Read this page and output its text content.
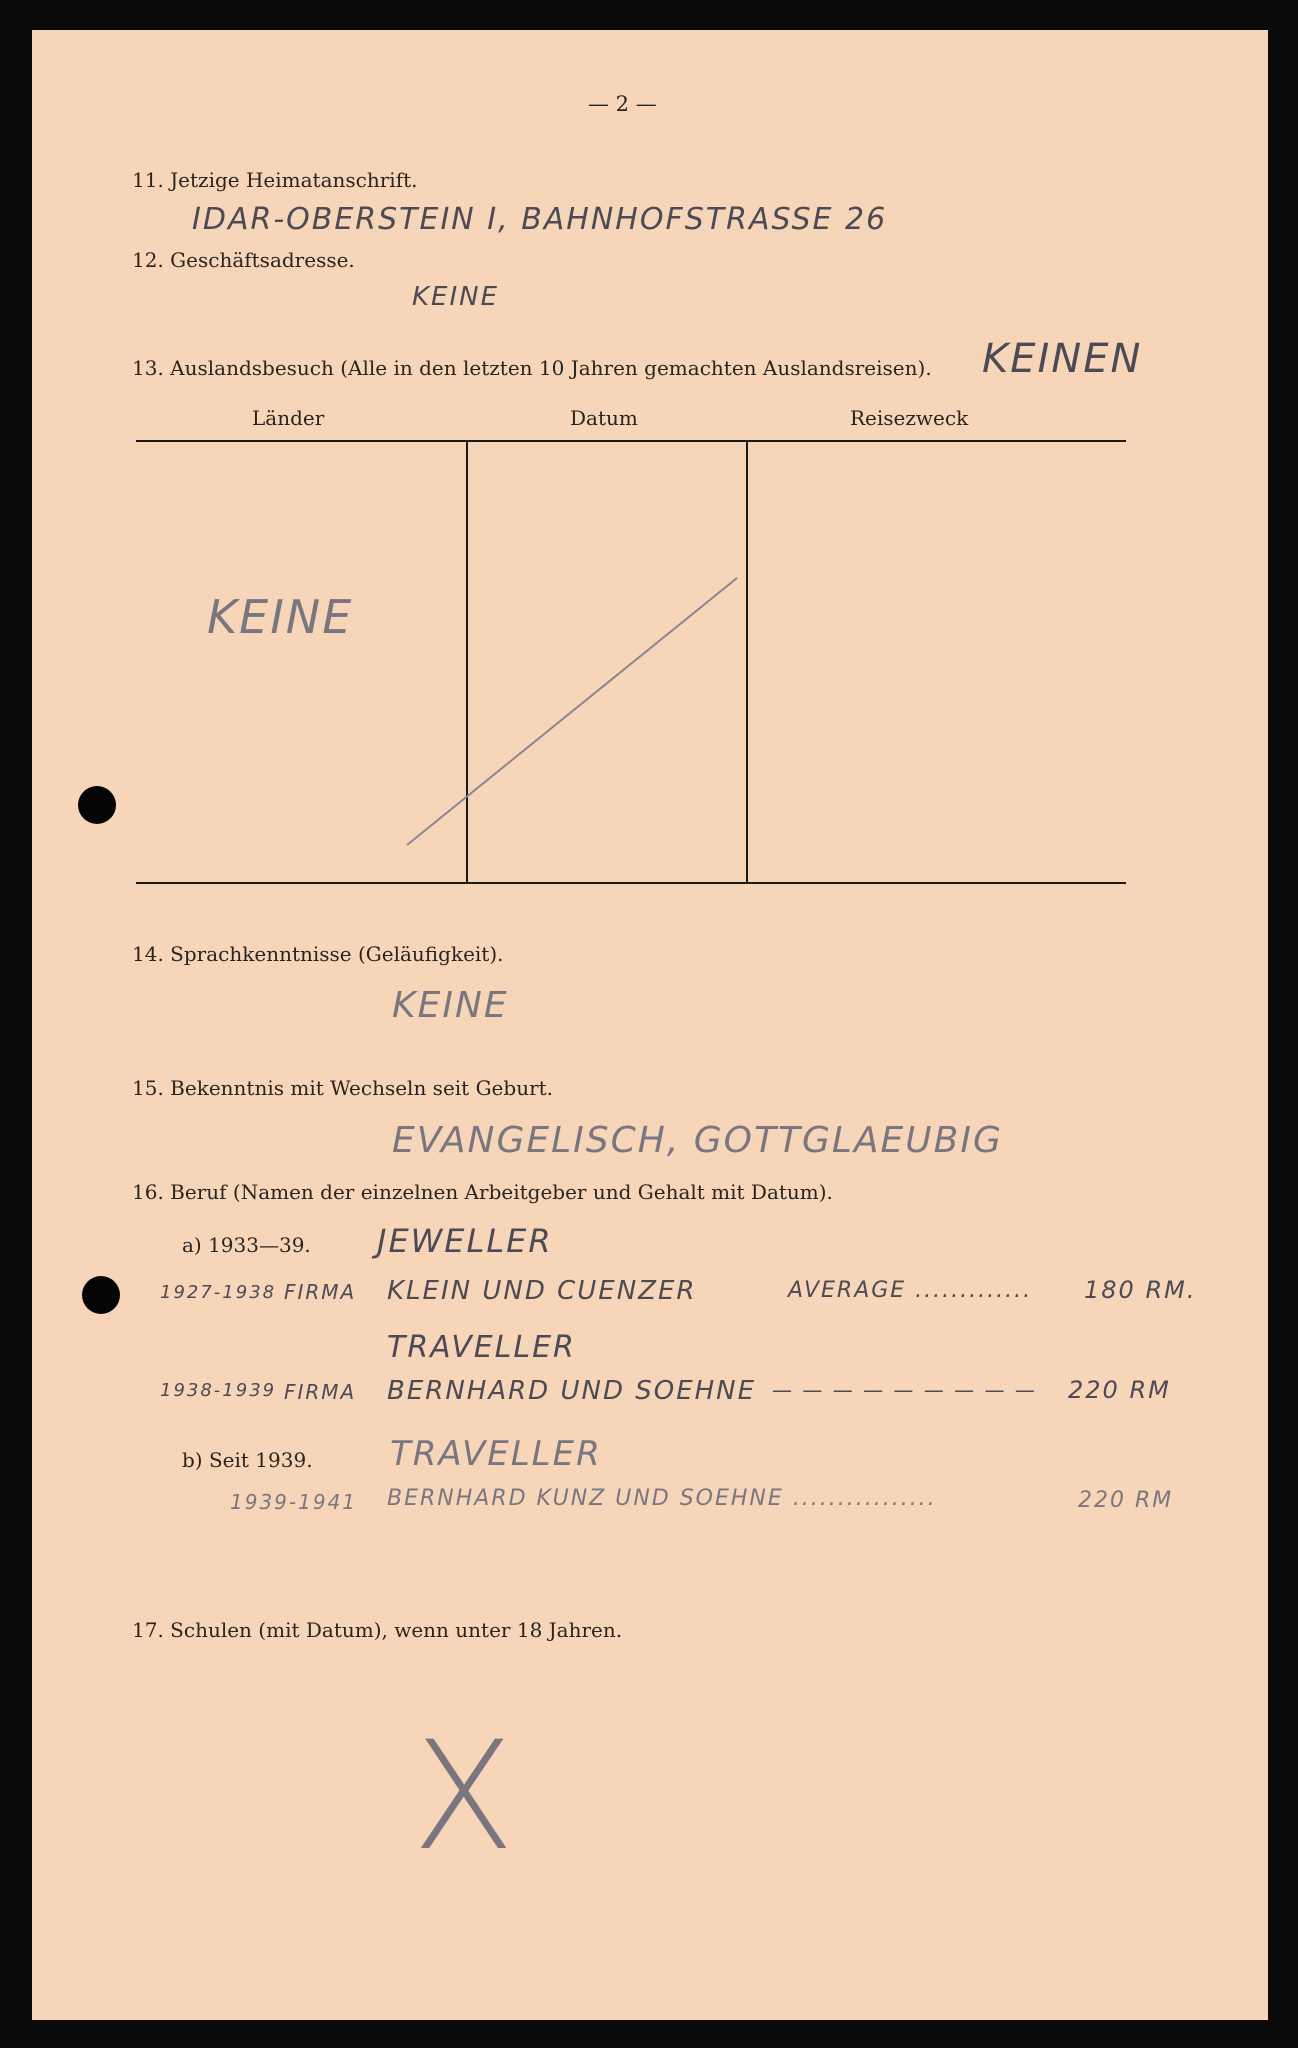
— 2 —
11. Jetzige Heimatanschrift.
IDAR-OBERSTEIN I, BAHNHOFSTRASSE 26
12. Geschäftsadresse.
KEINE
13. Auslandsbesuch (Alle in den letzten 10 Jahren gemachten Auslandsreisen). KEINEN
Länder	Datum	Reisezweck
KEINE
14. Sprachkenntnisse (Geläufigkeit).
KEINE
15. Bekenntnis mit Wechseln seit Geburt.
EVANGELISCH, GOTTGLAEUBIG
16. Beruf (Namen der einzelnen Arbeitgeber und Gehalt mit Datum).
a) 1933—39. JEWELLER
1927-1938 FIRMA KLEIN UND CUENZER	AVERAGE ............. 180 RM.
TRAVELLER
1938-1939 FIRMA BERNHARD UND SOEHNE — — — — — — — — — 220 RM
b) Seit 1939. TRAVELLER
1939-1941 BERNHARD KUNZ UND SOEHNE ................	220 RM
17. Schulen (mit Datum), wenn unter 18 Jahren.
X
